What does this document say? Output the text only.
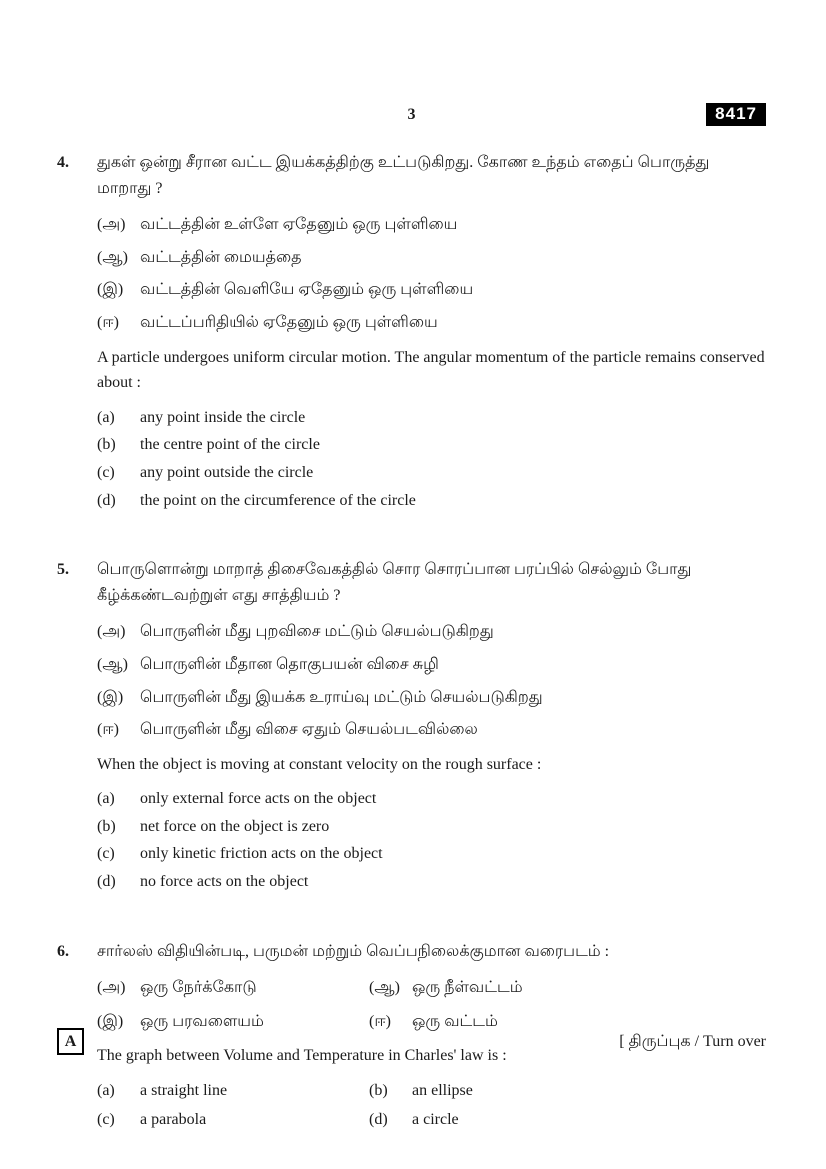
3	8417
4.	துகள் ஒன்று சீரான வட்ட இயக்கத்திற்கு உட்படுகிறது. கோண உந்தம் எதைப் பொருத்து மாறாது ?

(அ) வட்டத்தின் உள்ளே ஏதேனும் ஒரு புள்ளியை
(ஆ) வட்டத்தின் மையத்தை
(இ)	வட்டத்தின் வெளியே ஏதேனும் ஒரு புள்ளியை
(ஈ)	வட்டப்பரிதியில் ஏதேனும் ஒரு புள்ளியை

A particle undergoes uniform circular motion. The angular momentum of the particle remains conserved about :

(a)	any point inside the circle
(b)	the centre point of the circle
(c)	any point outside the circle
(d)	the point on the circumference of the circle
5.	பொருளொன்று மாறாத் திசைவேகத்தில் சொர சொரப்பான பரப்பில் செல்லும் போது கீழ்க்கண்டவற்றுள் எது சாத்தியம் ?

(அ) பொருளின் மீது புறவிசை மட்டும் செயல்படுகிறது
(ஆ) பொருளின் மீதான தொகுபயன் விசை சுழி
(இ)	பொருளின் மீது இயக்க உராய்வு மட்டும் செயல்படுகிறது
(ஈ)	பொருளின் மீது விசை ஏதும் செயல்படவில்லை

When the object is moving at constant velocity on the rough surface :

(a)	only external force acts on the object
(b)	net force on the object is zero
(c)	only kinetic friction acts on the object
(d)	no force acts on the object
6.	சார்லஸ் விதியின்படி, பருமன் மற்றும் வெப்பநிலைக்குமான வரைபடம் :

(அ) ஒரு நேர்க்கோடு	(ஆ) ஒரு நீள்வட்டம்
(இ)	ஒரு பரவளையம்	(ஈ)	ஒரு வட்டம்

The graph between Volume and Temperature in Charles' law is :

(a)	a straight line	(b)	an ellipse
(c)	a parabola	(d)	a circle
A	[ திருப்புக / Turn over
